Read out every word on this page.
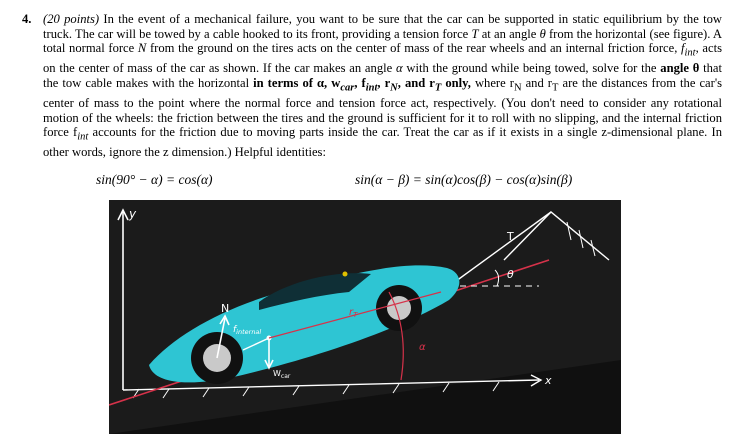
4. (20 points) In the event of a mechanical failure, you want to be sure that the car can be supported in static equilibrium by the tow truck. The car will be towed by a cable hooked to its front, providing a tension force T at an angle θ from the horizontal (see figure). A total normal force N from the ground on the tires acts on the center of mass of the rear wheels and an internal friction force, $f_{int}$, acts on the center of mass of the car as shown. If the car makes an angle α with the ground while being towed, solve for the angle θ that the tow cable makes with the horizontal in terms of α, $w_{car}$, $f_{int}$, $r_N$, and $r_T$ only, where $r_N$ and $r_T$ are the distances from the car's center of mass to the point where the normal force and tension force act, respectively. (You don't need to consider any rotational motion of the wheels: the friction between the tires and the ground is sufficient for it to roll with no slipping, and the internal friction force $f_{int}$ accounts for the friction due to moving parts inside the car. Treat the car as if it exists in a single z-dimensional plane. In other words, ignore the z dimension.) Helpful identities:
sin(90° − α) = cos(α)	sin(α − β) = sin(α)cos(β) − cos(α)sin(β)
y
x
T
θ
N
$f_{internal}$
$W_{car}$
$r_T$
α
